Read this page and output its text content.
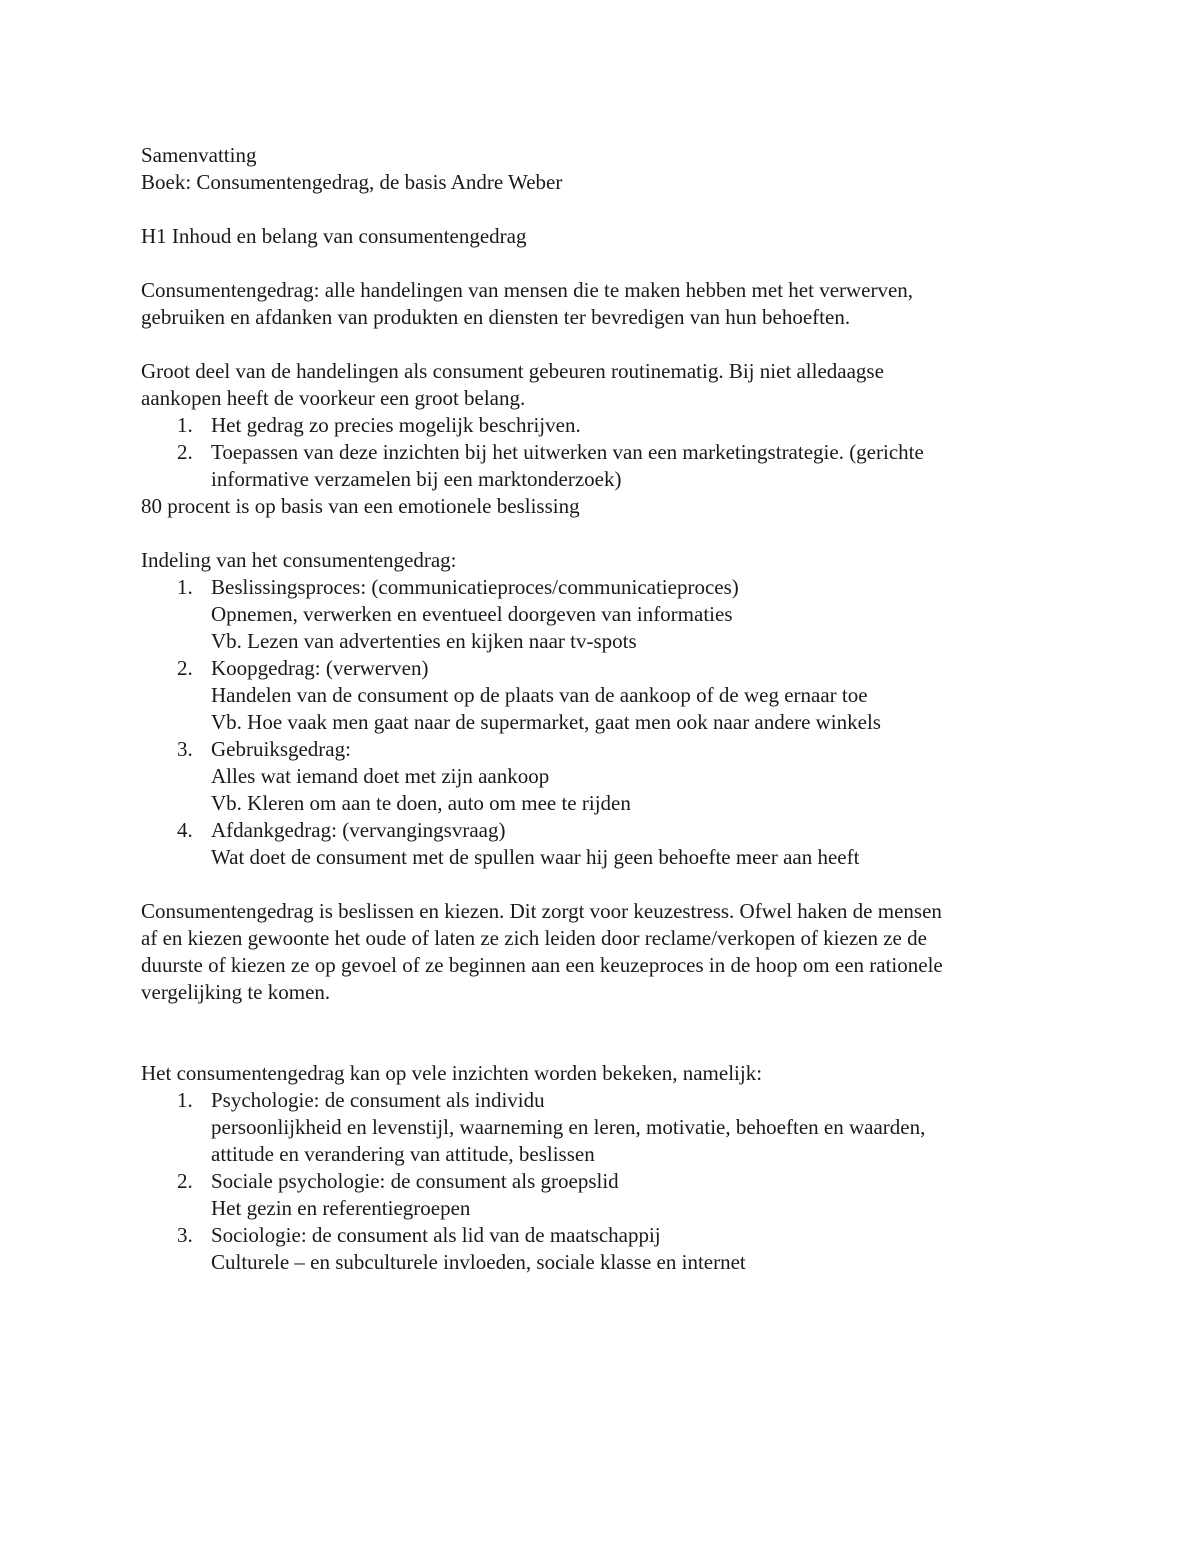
Samenvatting

Boek: Consumentengedrag, de basis Andre Weber

H1 Inhoud en belang van consumentengedrag

Consumentengedrag: alle handelingen van mensen die te maken hebben met het verwerven,

gebruiken en afdanken van produkten en diensten ter bevredigen van hun behoeften.

Groot deel van de handelingen als consument gebeuren routinematig. Bij niet alledaagse

aankopen heeft de voorkeur een groot belang.

1. Het gedrag zo precies mogelijk beschrijven.
2. Toepassen van deze inzichten bij het uitwerken van een marketingstrategie. (gerichte
informative verzamelen bij een marktonderzoek)

80 procent is op basis van een emotionele beslissing

Indeling van het consumentengedrag:

1. Beslissingsproces: (communicatieproces/communicatieproces)
Opnemen, verwerken en eventueel doorgeven van informaties
Vb. Lezen van advertenties en kijken naar tv-spots
2. Koopgedrag: (verwerven)
Handelen van de consument op de plaats van de aankoop of de weg ernaar toe
Vb. Hoe vaak men gaat naar de supermarket, gaat men ook naar andere winkels
3. Gebruiksgedrag:
Alles wat iemand doet met zijn aankoop
Vb. Kleren om aan te doen, auto om mee te rijden
4. Afdankgedrag: (vervangingsvraag)
Wat doet de consument met de spullen waar hij geen behoefte meer aan heeft

Consumentengedrag is beslissen en kiezen. Dit zorgt voor keuzestress. Ofwel haken de mensen

af en kiezen gewoonte het oude of laten ze zich leiden door reclame/verkopen of kiezen ze de

duurste of kiezen ze op gevoel of ze beginnen aan een keuzeproces in de hoop om een rationele

vergelijking te komen.

Het consumentengedrag kan op vele inzichten worden bekeken, namelijk:

1. Psychologie: de consument als individu
persoonlijkheid en levenstijl, waarneming en leren, motivatie, behoeften en waarden,
attitude en verandering van attitude, beslissen
2. Sociale psychologie: de consument als groepslid
Het gezin en referentiegroepen
3. Sociologie: de consument als lid van de maatschappij
Culturele – en subculturele invloeden, sociale klasse en internet
